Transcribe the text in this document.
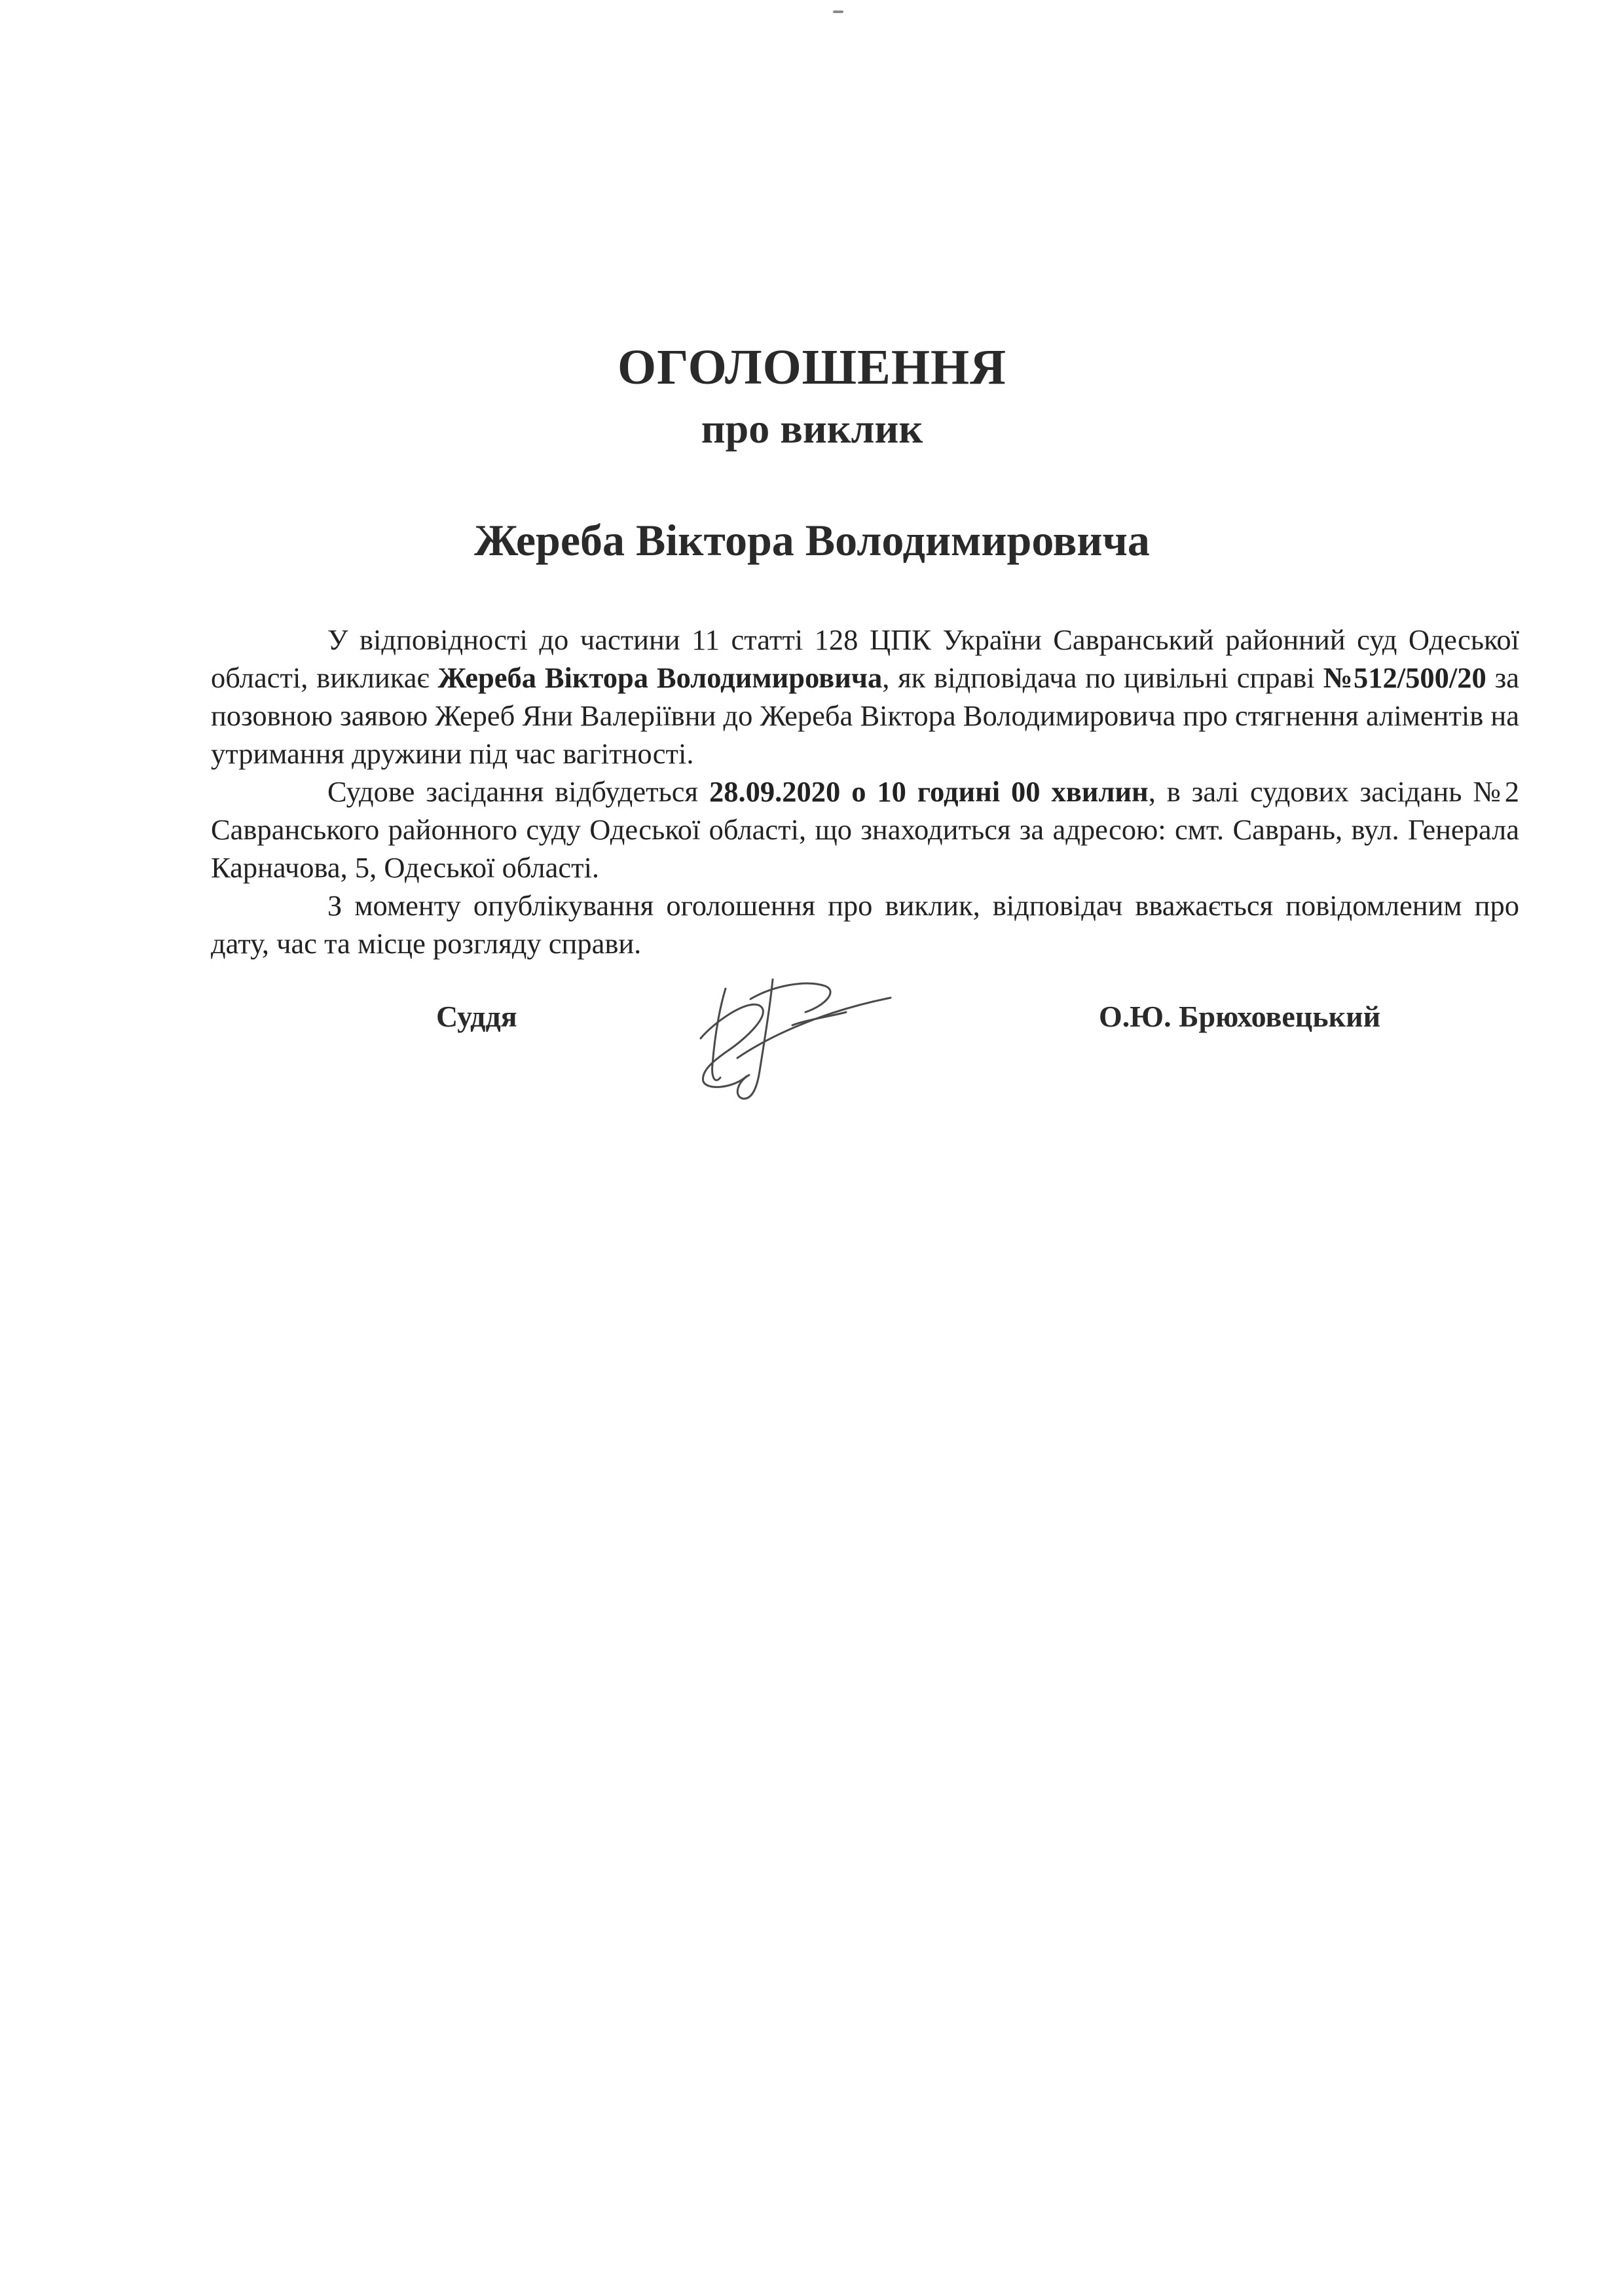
ОГОЛОШЕННЯ
про виклик
Жереба Віктора Володимировича

У відповідності до частини 11 статті 128 ЦПК України Савранський районний суд Одеської області, викликає Жереба Віктора Володимировича, як відповідача по цивільні справі №512/500/20 за позовною заявою Жереб Яни Валеріївни до Жереба Віктора Володимировича про стягнення аліментів на утримання дружини під час вагітності.

Судове засідання відбудеться 28.09.2020 о 10 годині 00 хвилин, в залі судових засідань №2 Савранського районного суду Одеської області, що знаходиться за адресою: смт. Саврань, вул. Генерала Карначова, 5, Одеської області.

З моменту опублікування оголошення про виклик, відповідач вважається повідомленим про дату, час та місце розгляду справи.

Суддя	О.Ю. Брюховецький
